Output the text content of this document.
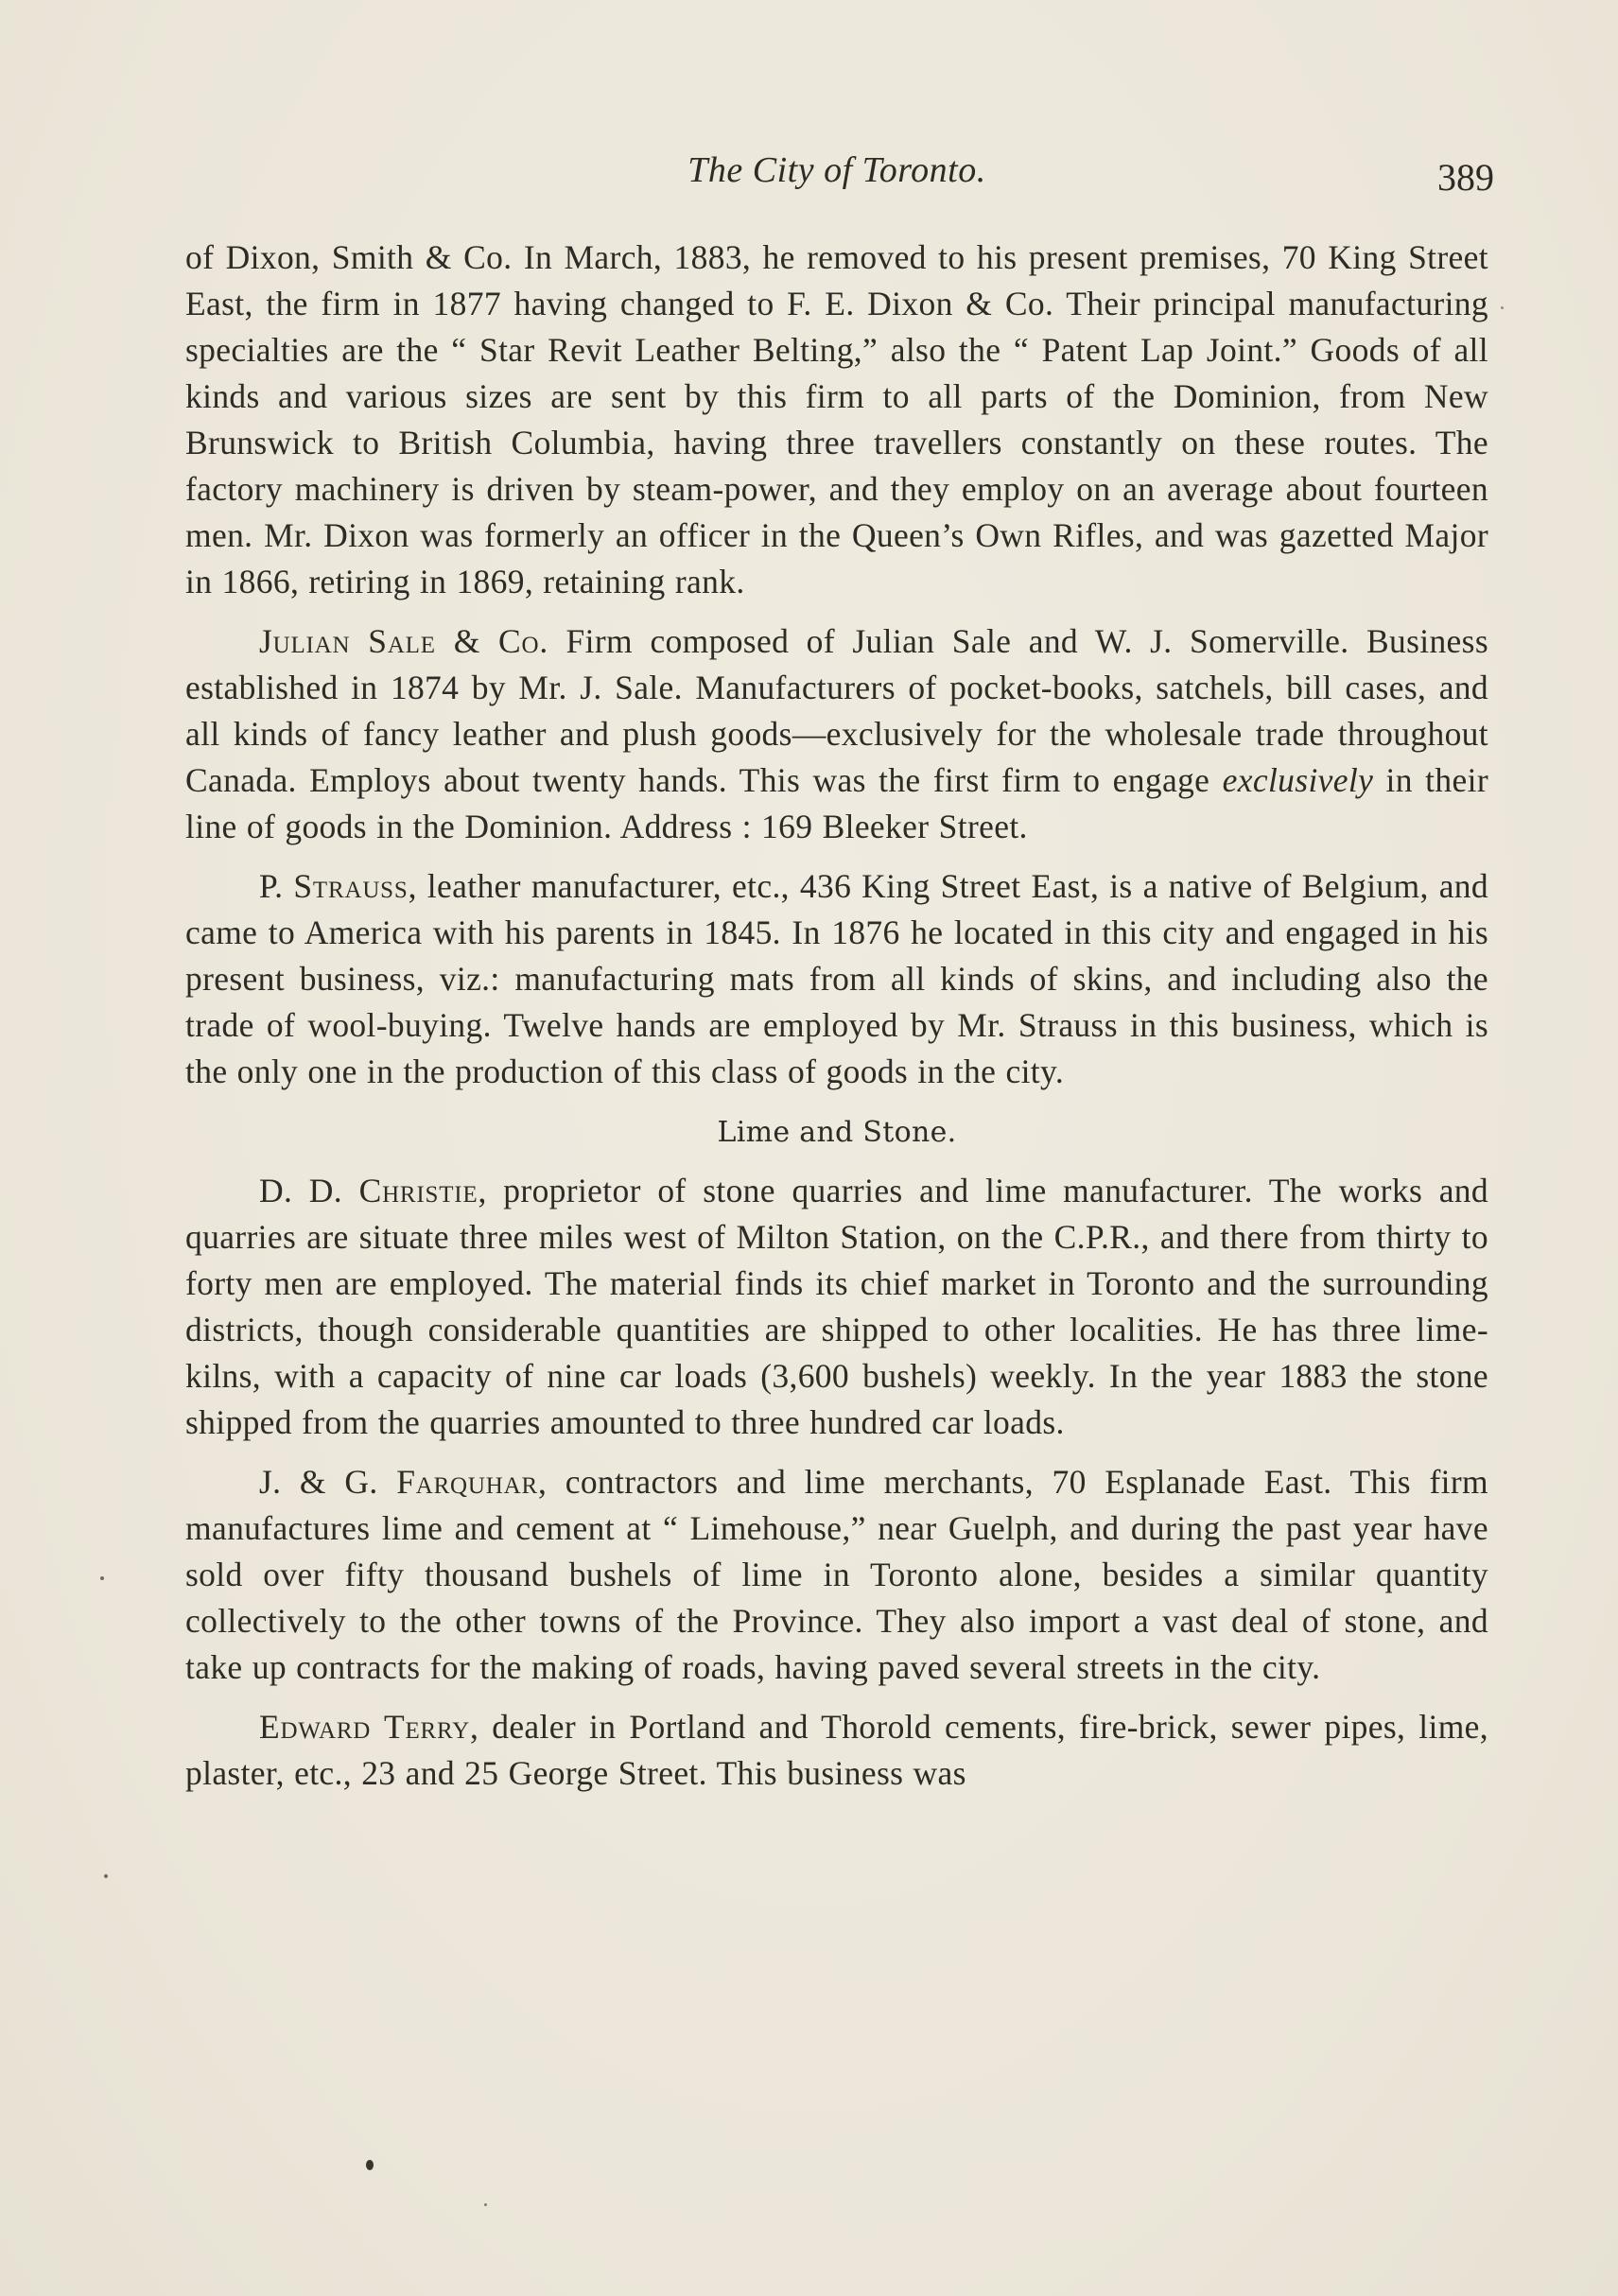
The City of Toronto.	389

of Dixon, Smith & Co. In March, 1883, he removed to his present premises, 70 King Street East, the firm in 1877 having changed to F. E. Dixon & Co. Their principal manufacturing specialties are the “ Star Revit Leather Belting,” also the “ Patent Lap Joint.” Goods of all kinds and various sizes are sent by this firm to all parts of the Dominion, from New Brunswick to British Columbia, having three travellers constantly on these routes. The factory machinery is driven by steam-power, and they employ on an average about fourteen men. Mr. Dixon was formerly an officer in the Queen’s Own Rifles, and was gazetted Major in 1866, retiring in 1869, retaining rank.

Julian Sale & Co. Firm composed of Julian Sale and W. J. Somerville. Business established in 1874 by Mr. J. Sale. Manufacturers of pocket-books, satchels, bill cases, and all kinds of fancy leather and plush goods—exclusively for the wholesale trade throughout Canada. Employs about twenty hands. This was the first firm to engage exclusively in their line of goods in the Dominion. Address : 169 Bleeker Street.

P. Strauss, leather manufacturer, etc., 436 King Street East, is a native of Belgium, and came to America with his parents in 1845. In 1876 he located in this city and engaged in his present business, viz.: manufacturing mats from all kinds of skins, and including also the trade of wool-buying. Twelve hands are employed by Mr. Strauss in this business, which is the only one in the production of this class of goods in the city.

Lime and Stone.

D. D. Christie, proprietor of stone quarries and lime manufacturer. The works and quarries are situate three miles west of Milton Station, on the C.P.R., and there from thirty to forty men are employed. The material finds its chief market in Toronto and the surrounding districts, though considerable quantities are shipped to other localities. He has three lime-kilns, with a capacity of nine car loads (3,600 bushels) weekly. In the year 1883 the stone shipped from the quarries amounted to three hundred car loads.

J. & G. Farquhar, contractors and lime merchants, 70 Esplanade East. This firm manufactures lime and cement at “ Limehouse,” near Guelph, and during the past year have sold over fifty thousand bushels of lime in Toronto alone, besides a similar quantity collectively to the other towns of the Province. They also import a vast deal of stone, and take up contracts for the making of roads, having paved several streets in the city.

Edward Terry, dealer in Portland and Thorold cements, fire-brick, sewer pipes, lime, plaster, etc., 23 and 25 George Street. This business was
